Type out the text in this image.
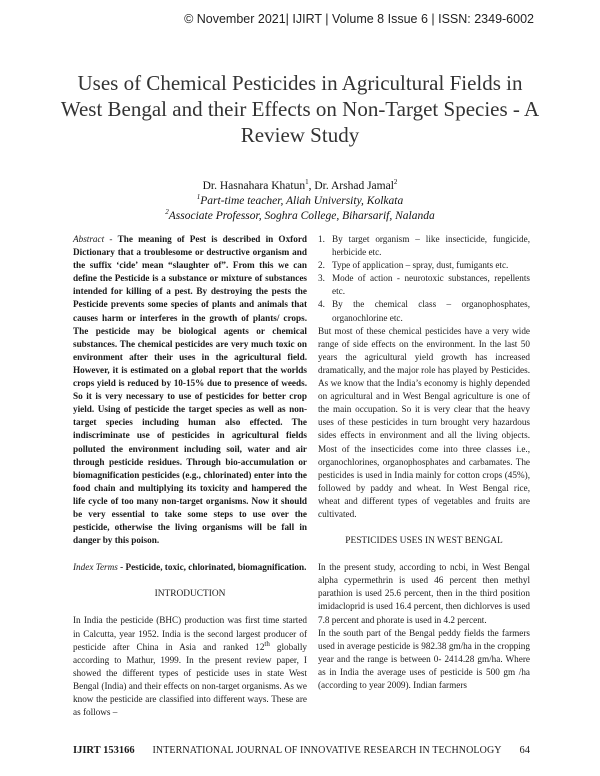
© November 2021| IJIRT | Volume 8 Issue 6 | ISSN: 2349-6002
Uses of Chemical Pesticides in Agricultural Fields in West Bengal and their Effects on Non-Target Species - A Review Study
Dr. Hasnahara Khatun$^1$, Dr. Arshad Jamal$^2$
$^1$Part-time teacher, Aliah University, Kolkata
$^2$Associate Professor, Soghra College, Biharsarif, Nalanda

Abstract - The meaning of Pest is described in Oxford Dictionary that a troublesome or destructive organism and the suffix ‘cide’ mean “slaughter of”. From this we can define the Pesticide is a substance or mixture of substances intended for killing of a pest. By destroying the pests the Pesticide prevents some species of plants and animals that causes harm or interferes in the growth of plants/ crops. The pesticide may be biological agents or chemical substances. The chemical pesticides are very much toxic on environment after their uses in the agricultural field. However, it is estimated on a global report that the worlds crops yield is reduced by 10-15% due to presence of weeds. So it is very necessary to use of pesticides for better crop yield. Using of pesticide the target species as well as non-target species including human also effected. The indiscriminate use of pesticides in agricultural fields polluted the environment including soil, water and air through pesticide residues. Through bio-accumulation or biomagnification pesticides (e.g., chlorinated) enter into the food chain and multiplying its toxicity and hampered the life cycle of too many non-target organisms. Now it should be very essential to take some steps to use over the pesticide, otherwise the living organisms will be fall in danger by this poison.

Index Terms - Pesticide, toxic, chlorinated, biomagnification.

INTRODUCTION

In India the pesticide (BHC) production was first time started in Calcutta, year 1952. India is the second largest producer of pesticide after China in Asia and ranked 12th globally according to Mathur, 1999. In the present review paper, I showed the different types of pesticide uses in state West Bengal (India) and their effects on non-target organisms. As we know the pesticide are classified into different ways. These are as follows –

1. By target organism – like insecticide, fungicide, herbicide etc.
2. Type of application – spray, dust, fumigants etc.
3. Mode of action - neurotoxic substances, repellents etc.
4. By the chemical class – organophosphates, organochlorine etc.

But most of these chemical pesticides have a very wide range of side effects on the environment. In the last 50 years the agricultural yield growth has increased dramatically, and the major role has played by Pesticides. As we know that the India’s economy is highly depended on agricultural and in West Bengal agriculture is one of the main occupation. So it is very clear that the heavy uses of these pesticides in turn brought very hazardous sides effects in environment and all the living objects. Most of the insecticides come into three classes i.e., organochlorines, organophosphates and carbamates. The pesticides is used in India mainly for cotton crops (45%), followed by paddy and wheat. In West Bengal rice, wheat and different types of vegetables and fruits are cultivated.

PESTICIDES USES IN WEST BENGAL

In the present study, according to ncbi, in West Bengal alpha cypermethrin is used 46 percent then methyl parathion is used 25.6 percent, then in the third position imidacloprid is used 16.4 percent, then dichlorves is used 7.8 percent and phorate is used in 4.2 percent.

In the south part of the Bengal peddy fields the farmers used in average pesticide is 982.38 gm/ha in the cropping year and the range is between 0- 2414.28 gm/ha. Where as in India the average uses of pesticide is 500 gm /ha (according to year 2009). Indian farmers

IJIRT 153166 INTERNATIONAL JOURNAL OF INNOVATIVE RESEARCH IN TECHNOLOGY 64
